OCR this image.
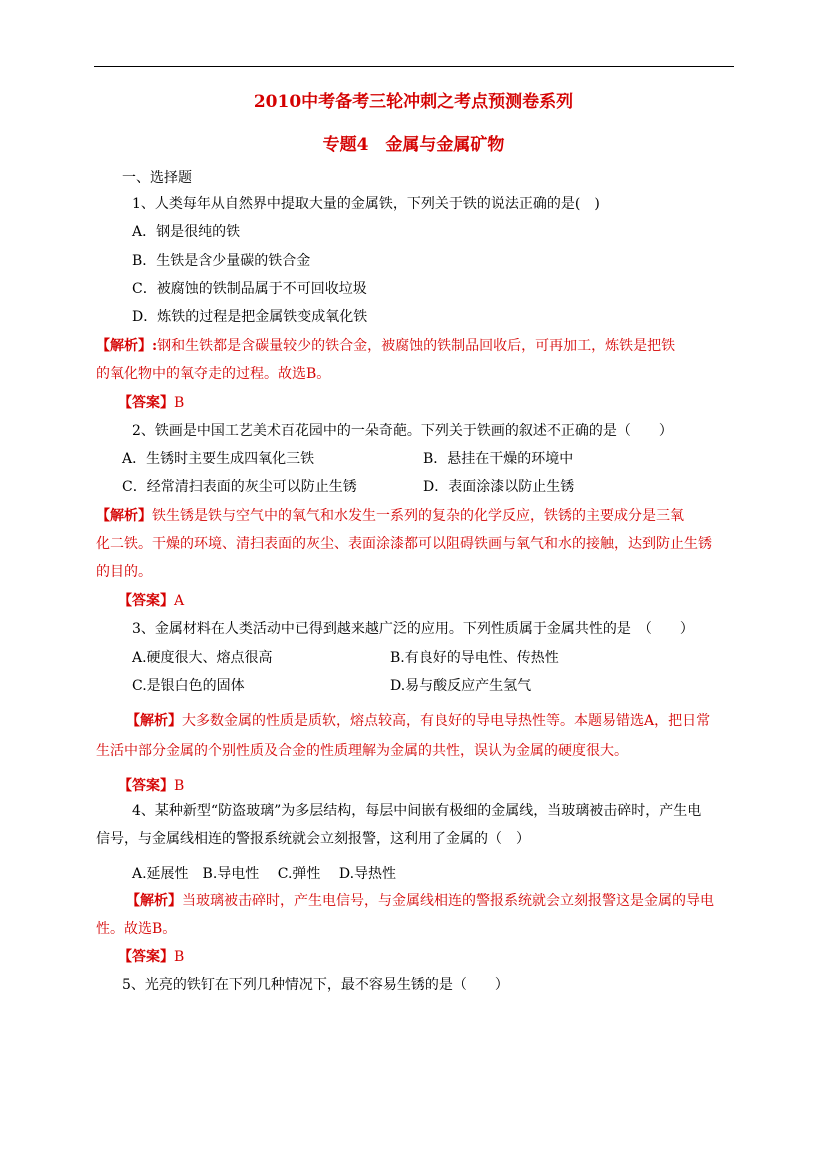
2010中考备考三轮冲刺之考点预测卷系列
专题4　金属与金属矿物
一、选择题
1、人类每年从自然界中提取大量的金属铁，下列关于铁的说法正确的是(　)
A．钢是很纯的铁
B．生铁是含少量碳的铁合金
C．被腐蚀的铁制品属于不可回收垃圾
D．炼铁的过程是把金属铁变成氧化铁
【解析】:钢和生铁都是含碳量较少的铁合金，被腐蚀的铁制品回收后，可再加工，炼铁是把铁
的氧化物中的氧夺走的过程。故选B。
【答案】B
2、铁画是中国工艺美术百花园中的一朵奇葩。下列关于铁画的叙述不正确的是（　　）
A．生锈时主要生成四氧化三铁	B．悬挂在干燥的环境中
C．经常清扫表面的灰尘可以防止生锈	D．表面涂漆以防止生锈
【解析】铁生锈是铁与空气中的氧气和水发生一系列的复杂的化学反应，铁锈的主要成分是三氧
化二铁。干燥的环境、清扫表面的灰尘、表面涂漆都可以阻碍铁画与氧气和水的接触，达到防止生锈
的目的。
【答案】A
3、金属材料在人类活动中已得到越来越广泛的应用。下列性质属于金属共性的是　（　　）
A.硬度很大、熔点很高	B.有良好的导电性、传热性
C.是银白色的固体	D.易与酸反应产生氢气
【解析】大多数金属的性质是质软，熔点较高，有良好的导电导热性等。本题易错选A，把日常
生活中部分金属的个别性质及合金的性质理解为金属的共性，误认为金属的硬度很大。
【答案】B
4、某种新型“防盗玻璃”为多层结构，每层中间嵌有极细的金属线，当玻璃被击碎时，产生电
信号，与金属线相连的警报系统就会立刻报警，这利用了金属的（　）
A.延展性　B.导电性　 C.弹性　 D.导热性
【解析】当玻璃被击碎时，产生电信号，与金属线相连的警报系统就会立刻报警这是金属的导电
性。故选B。
【答案】B
5、光亮的铁钉在下列几种情况下，最不容易生锈的是（　　）
